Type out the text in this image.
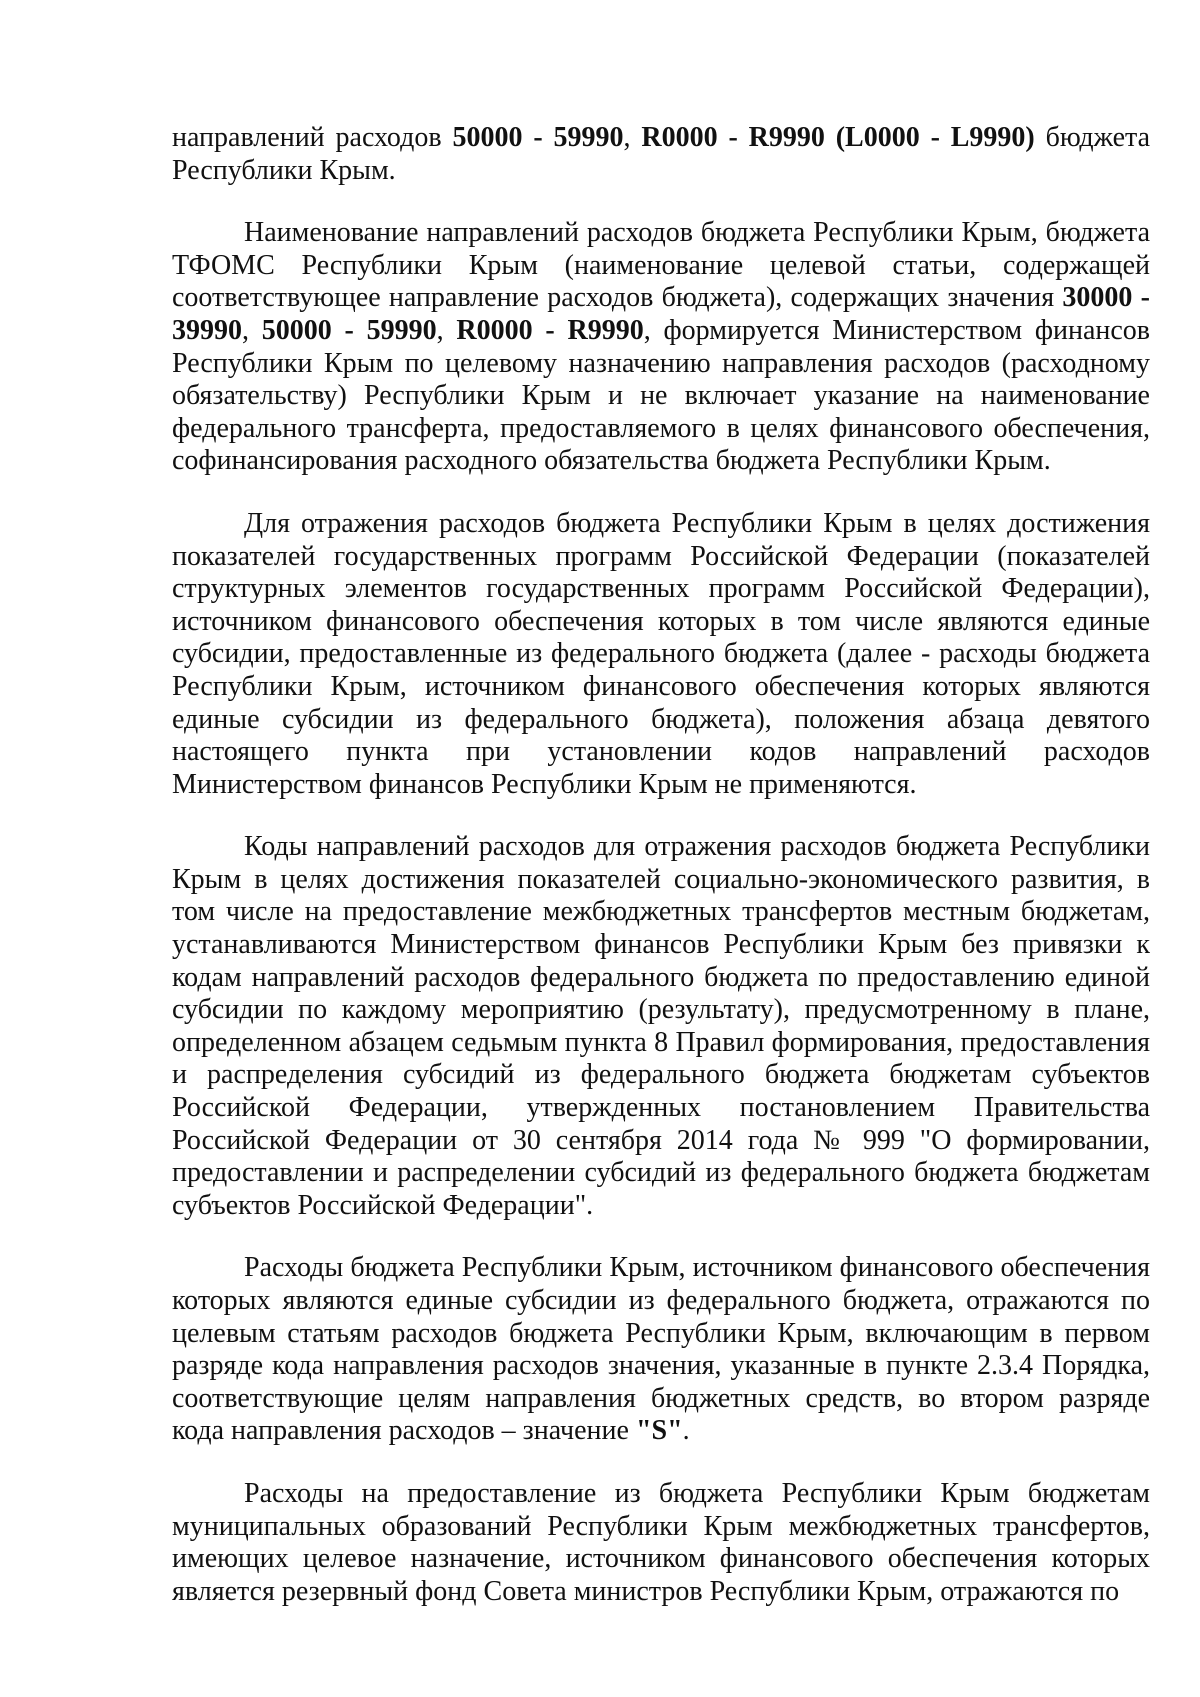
направлений расходов 50000 - 59990, R0000 - R9990 (L0000 - L9990) бюджета Республики Крым.

Наименование направлений расходов бюджета Республики Крым, бюджета ТФОМС Республики Крым (наименование целевой статьи, содержащей соответствующее направление расходов бюджета), содержащих значения 30000 - 39990, 50000 - 59990, R0000 - R9990, формируется Министерством финансов Республики Крым по целевому назначению направления расходов (расходному обязательству) Республики Крым и не включает указание на наименование федерального трансферта, предоставляемого в целях финансового обеспечения, софинансирования расходного обязательства бюджета Республики Крым.

Для отражения расходов бюджета Республики Крым в целях достижения показателей государственных программ Российской Федерации (показателей структурных элементов государственных программ Российской Федерации), источником финансового обеспечения которых в том числе являются единые субсидии, предоставленные из федерального бюджета (далее - расходы бюджета Республики Крым, источником финансового обеспечения которых являются единые субсидии из федерального бюджета), положения абзаца девятого настоящего пункта при установлении кодов направлений расходов Министерством финансов Республики Крым не применяются.

Коды направлений расходов для отражения расходов бюджета Республики Крым в целях достижения показателей социально-экономического развития, в том числе на предоставление межбюджетных трансфертов местным бюджетам, устанавливаются Министерством финансов Республики Крым без привязки к кодам направлений расходов федерального бюджета по предоставлению единой субсидии по каждому мероприятию (результату), предусмотренному в плане, определенном абзацем седьмым пункта 8 Правил формирования, предоставления и распределения субсидий из федерального бюджета бюджетам субъектов Российской Федерации, утвержденных постановлением Правительства Российской Федерации от 30 сентября 2014 года № 999 "О формировании, предоставлении и распределении субсидий из федерального бюджета бюджетам субъектов Российской Федерации".

Расходы бюджета Республики Крым, источником финансового обеспечения которых являются единые субсидии из федерального бюджета, отражаются по целевым статьям расходов бюджета Республики Крым, включающим в первом разряде кода направления расходов значения, указанные в пункте 2.3.4 Порядка, соответствующие целям направления бюджетных средств, во втором разряде кода направления расходов – значение "S".

Расходы на предоставление из бюджета Республики Крым бюджетам муниципальных образований Республики Крым межбюджетных трансфертов, имеющих целевое назначение, источником финансового обеспечения которых является резервный фонд Совета министров Республики Крым, отражаются по
